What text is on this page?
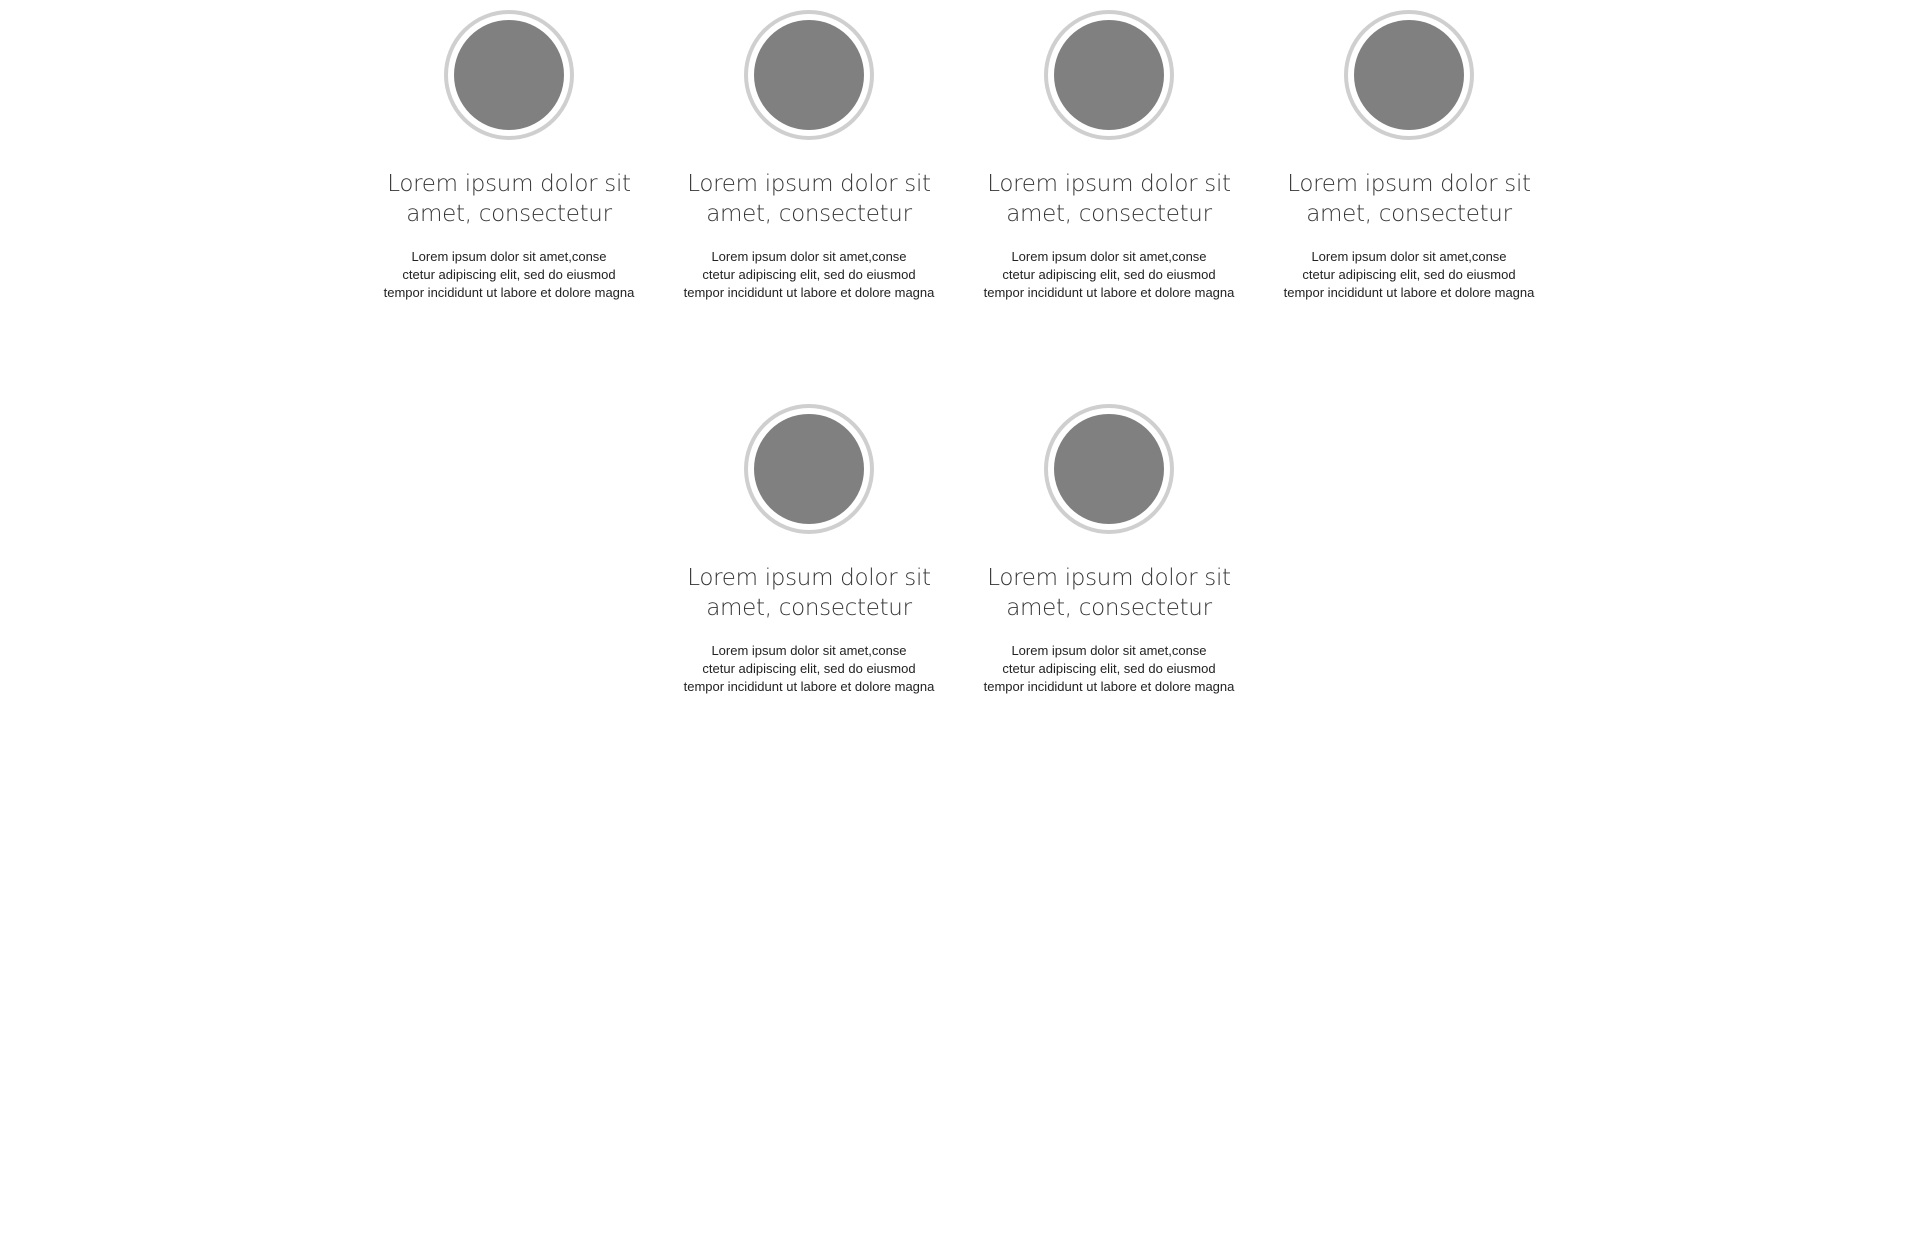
Lorem ipsum dolor sit
amet, consectetur
Lorem ipsum dolor sit amet,conse
ctetur adipiscing elit, sed do eiusmod
tempor incididunt ut labore et dolore magna
Lorem ipsum dolor sit
amet, consectetur
Lorem ipsum dolor sit amet,conse
ctetur adipiscing elit, sed do eiusmod
tempor incididunt ut labore et dolore magna
Lorem ipsum dolor sit
amet, consectetur
Lorem ipsum dolor sit amet,conse
ctetur adipiscing elit, sed do eiusmod
tempor incididunt ut labore et dolore magna
Lorem ipsum dolor sit
amet, consectetur
Lorem ipsum dolor sit amet,conse
ctetur adipiscing elit, sed do eiusmod
tempor incididunt ut labore et dolore magna
Lorem ipsum dolor sit
amet, consectetur
Lorem ipsum dolor sit amet,conse
ctetur adipiscing elit, sed do eiusmod
tempor incididunt ut labore et dolore magna
Lorem ipsum dolor sit
amet, consectetur
Lorem ipsum dolor sit amet,conse
ctetur adipiscing elit, sed do eiusmod
tempor incididunt ut labore et dolore magna
